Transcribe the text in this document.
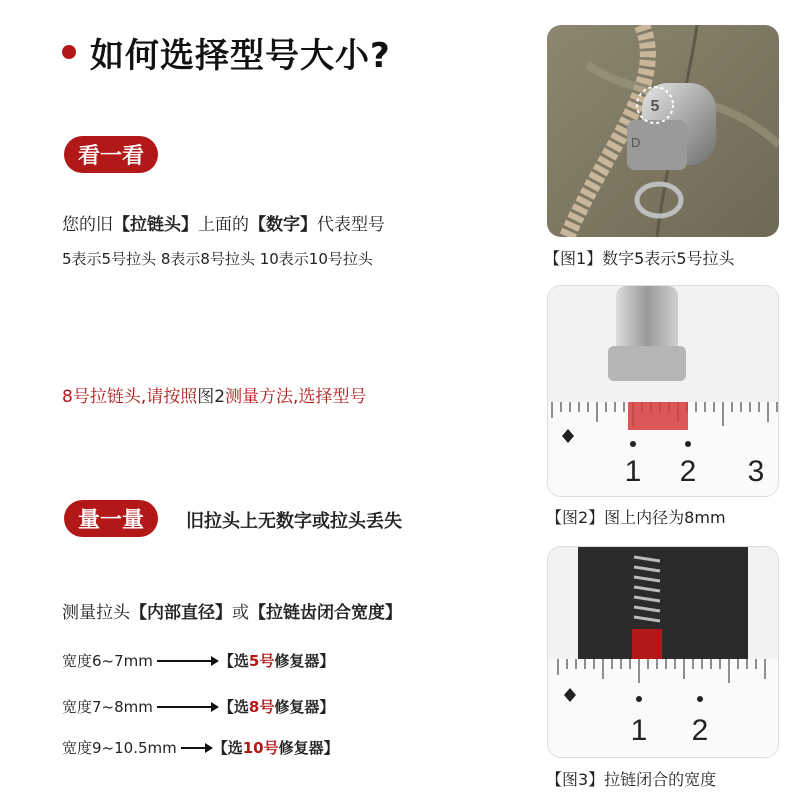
如何选择型号大小?
看一看
您的旧【拉链头】上面的【数字】代表型号
5表示5号拉头 8表示8号拉头 10表示10号拉头
8号拉链头,请按照图2测量方法,选择型号
量一量	旧拉头上无数字或拉头丢失
测量拉头【内部直径】或【拉链齿闭合宽度】
宽度6~7mm	【选 5号 修复器】
宽度7~8mm	【选 8号 修复器】
宽度9~10.5mm 【选 10号 修复器】
5
D
【图1】数字5表示5号拉头
1 2 3
【图2】图上内径为8mm
1 2
【图3】拉链闭合的宽度
